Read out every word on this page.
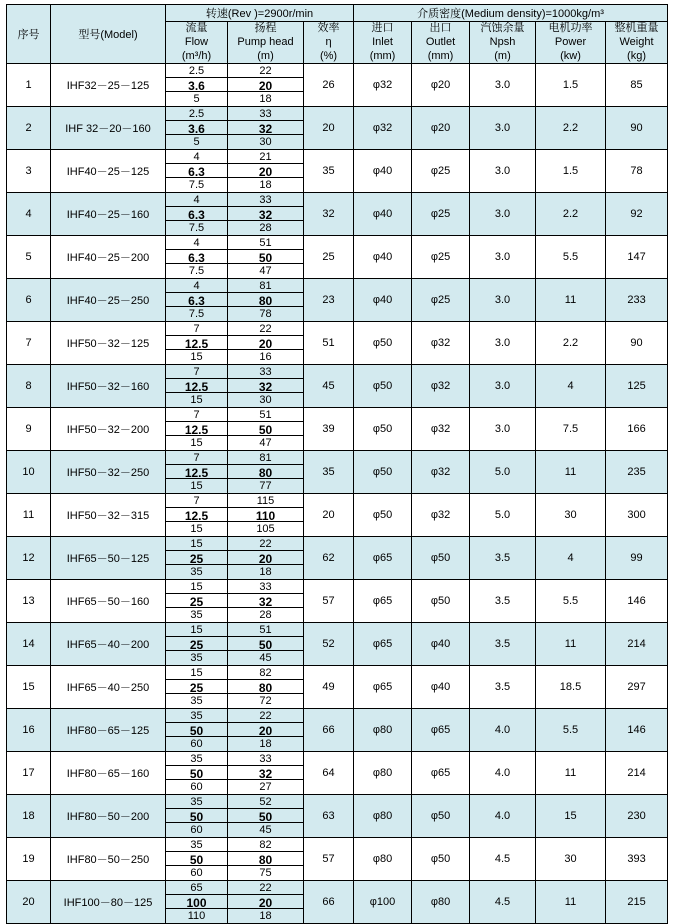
序号	型号(Model)	转速(Rev )=2900r/min			介质密度(Medium density)=1000kg/m³				

		流量
Flow
(m³/h)	扬程
Pump head
(m)	效率
η
(%)	进口
Inlet
(mm)	出口
Outlet
(mm)	汽蚀余量
Npsh
(m)	电机功率
Power
(kw)	整机重量
Weight
(kg)

1	IHF32－25－125	2.5
3.6
5	22
20
18	26	φ32	φ20	3.0	1.5	85
2	IHF 32－20－160	2.5
3.6
5	33
32
30	20	φ32	φ20	3.0	2.2	90
3	IHF40－25－125	4
6.3
7.5	21
20
18	35	φ40	φ25	3.0	1.5	78
4	IHF40－25－160	4
6.3
7.5	33
32
28	32	φ40	φ25	3.0	2.2	92
5	IHF40－25－200	4
6.3
7.5	51
50
47	25	φ40	φ25	3.0	5.5	147
6	IHF40－25－250	4
6.3
7.5	81
80
78	23	φ40	φ25	3.0	11	233
7	IHF50－32－125	7
12.5
15	22
20
16	51	φ50	φ32	3.0	2.2	90
8	IHF50－32－160	7
12.5
15	33
32
30	45	φ50	φ32	3.0	4	125
9	IHF50－32－200	7
12.5
15	51
50
47	39	φ50	φ32	3.0	7.5	166
10	IHF50－32－250	7
12.5
15	81
80
77	35	φ50	φ32	5.0	11	235
11	IHF50－32－315	7
12.5
15	115
110
105	20	φ50	φ32	5.0	30	300
12	IHF65－50－125	15
25
35	22
20
18	62	φ65	φ50	3.5	4	99
13	IHF65－50－160	15
25
35	33
32
28	57	φ65	φ50	3.5	5.5	146
14	IHF65－40－200	15
25
35	51
50
45	52	φ65	φ40	3.5	11	214
15	IHF65－40－250	15
25
35	82
80
72	49	φ65	φ40	3.5	18.5	297
16	IHF80－65－125	35
50
60	22
20
18	66	φ80	φ65	4.0	5.5	146
17	IHF80－65－160	35
50
60	33
32
27	64	φ80	φ65	4.0	11	214
18	IHF80－50－200	35
50
60	52
50
45	63	φ80	φ50	4.0	15	230
19	IHF80－50－250	35
50
60	82
80
75	57	φ80	φ50	4.5	30	393
20	IHF100－80－125	65
100
110	22
20
18	66	φ100	φ80	4.5	11	215
